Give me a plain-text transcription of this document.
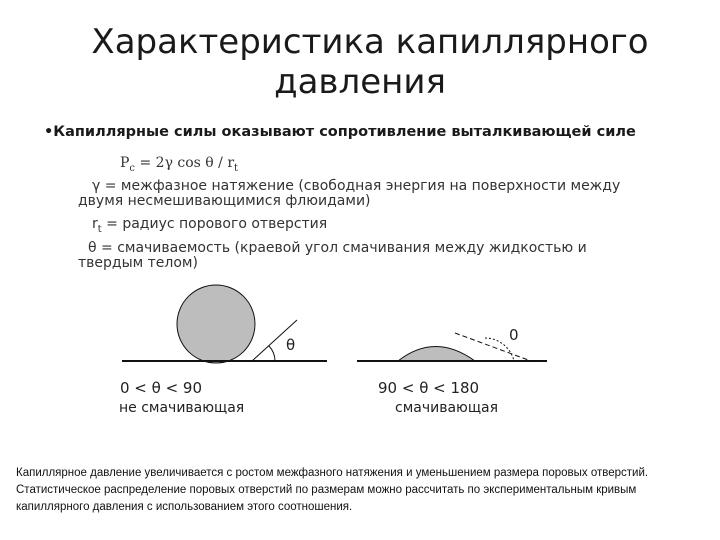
Характеристика капиллярного
давления
•Капиллярные силы оказывают сопротивление выталкивающей силе
$P_c = 2\gamma$ cos θ / $r_t$
γ = межфазное натяжение (свободная энергия на поверхности между
двумя несмешивающимися флюидами)
$r_t$ = радиус порового отверстия
θ = смачиваемость (краевой угол смачивания между жидкостью и
твердым телом)
θ
0
0 < θ < 90
не смачивающая
90 < θ < 180
смачивающая
Капиллярное давление увеличивается с ростом межфазного натяжения и уменьшением размера поровых отверстий. Статистическое распределение поровых отверстий по размерам можно рассчитать по экспериментальным кривым капиллярного давления с использованием этого соотношения.
